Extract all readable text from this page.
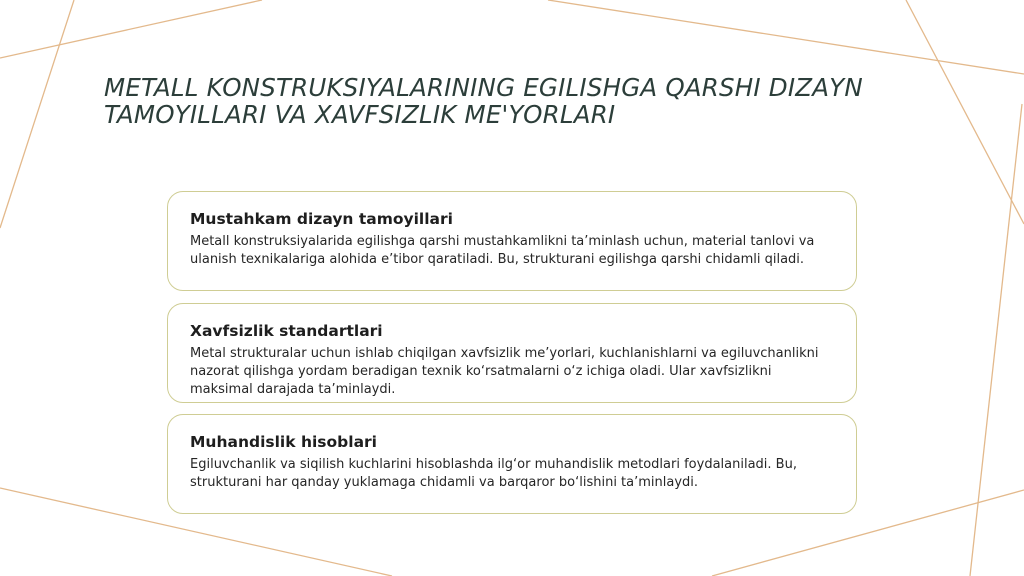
METALL KONSTRUKSIYALARINING EGILISHGA QARSHI DIZAYN TAMOYILLARI VA XAVFSIZLIK ME'YORLARI
Mustahkam dizayn tamoyillari

Metall konstruksiyalarida egilishga qarshi mustahkamlikni ta’minlash uchun, material tanlovi va ulanish texnikalariga alohida e’tibor qaratiladi. Bu, strukturani egilishga qarshi chidamli qiladi.

Xavfsizlik standartlari

Metal strukturalar uchun ishlab chiqilgan xavfsizlik me’yorlari, kuchlanishlarni va egiluvchanlikni nazorat qilishga yordam beradigan texnik ko‘rsatmalarni o‘z ichiga oladi. Ular xavfsizlikni maksimal darajada ta’minlaydi.

Muhandislik hisoblari

Egiluvchanlik va siqilish kuchlarini hisoblashda ilg‘or muhandislik metodlari foydalaniladi. Bu, strukturani har qanday yuklamaga chidamli va barqaror bo‘lishini ta’minlaydi.
